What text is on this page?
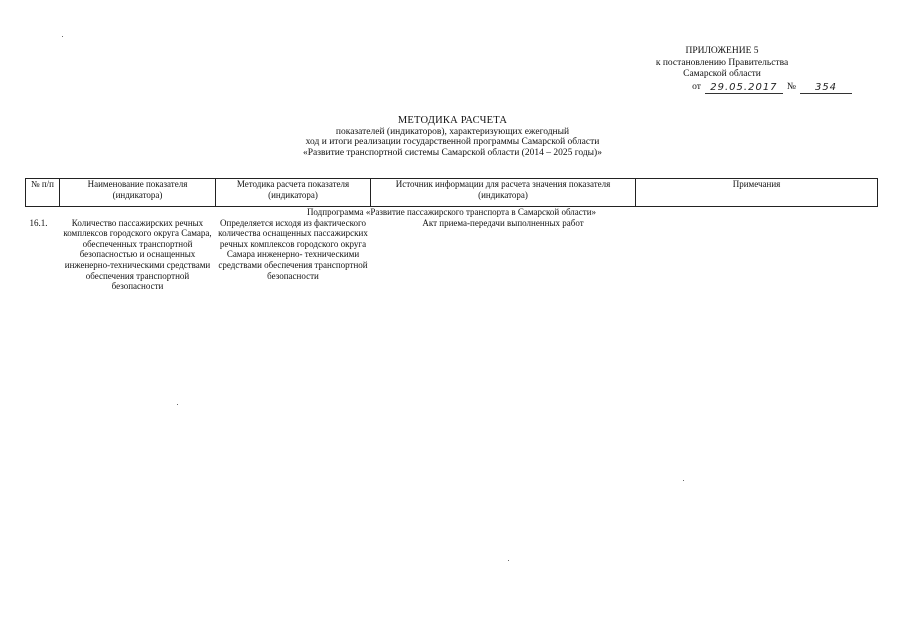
ПРИЛОЖЕНИЕ 5
к постановлению Правительства
Самарской области
от 29.05.2017 №	354
МЕТОДИКА РАСЧЕТА
показателей (индикаторов), характеризующих ежегодный
ход и итоги реализации государственной программы Самарской области
«Развитие транспортной системы Самарской области (2014 – 2025 годы)»
№ п/п	Наименование показателя (индикатора)	Методика расчета показателя (индикатора)	Источник информации для расчета значения показателя (индикатора)	Примечания
Подпрограмма «Развитие пассажирского транспорта в Самарской области»				
16.1.	Количество пассажирских речных комплексов городского округа Самара, обеспеченных транспортной безопасностью и оснащенных инженерно-техническими средствами обеспечения транспортной безопасности	Определяется исходя из фактического количества оснащенных пассажирских речных комплексов городского округа Самара инженерно- техническими средствами обеспечения транспортной безопасности	Акт приема-передачи выполненных работ	
